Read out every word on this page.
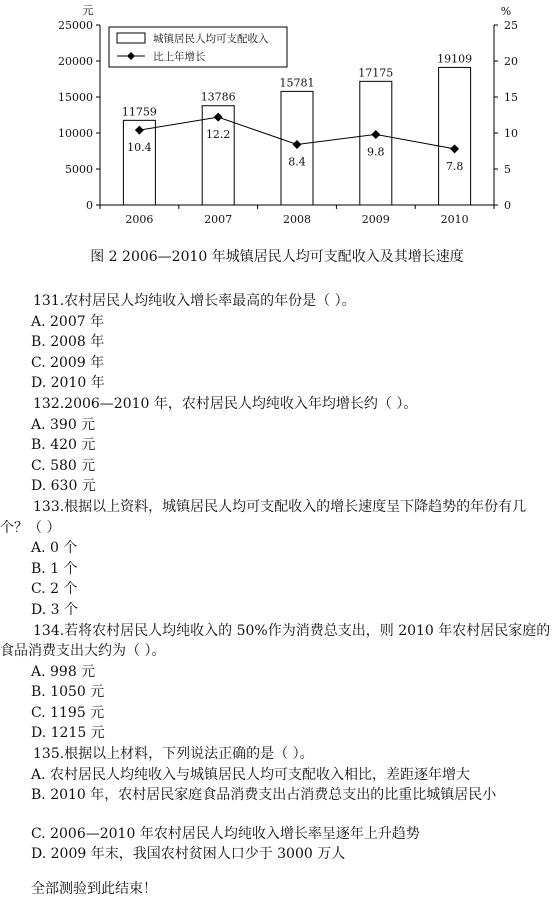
0
5000
10000
15000
20000
25000
0
5
10
15
20
25
元	%
2006	2007	2008	2009	2010
11759
13786
15781
17175
19109
10.4
12.2
8.4
9.8
7.8
城镇居民人均可支配收入
比上年增长
图 2 2006—2010 年城镇居民人均可支配收入及其增长速度
131.农村居民人均纯收入增长率最高的年份是（ ）。
A. 2007 年
B. 2008 年
C. 2009 年
D. 2010 年
132.2006—2010 年，农村居民人均纯收入年均增长约（ ）。
A. 390 元
B. 420 元
C. 580 元
D. 630 元
133.根据以上资料，城镇居民人均可支配收入的增长速度呈下降趋势的年份有几个？（ ）
A. 0 个
B. 1 个
C. 2 个
D. 3 个
134.若将农村居民人均纯收入的 50%作为消费总支出，则 2010 年农村居民家庭的食品消费支出大约为（ ）。
A. 998 元
B. 1050 元
C. 1195 元
D. 1215 元
135.根据以上材料，下列说法正确的是（ ）。
A. 农村居民人均纯收入与城镇居民人均可支配收入相比，差距逐年增大
B. 2010 年，农村居民家庭食品消费支出占消费总支出的比重比城镇居民小
C. 2006—2010 年农村居民人均纯收入增长率呈逐年上升趋势
D. 2009 年末，我国农村贫困人口少于 3000 万人
全部测验到此结束！
